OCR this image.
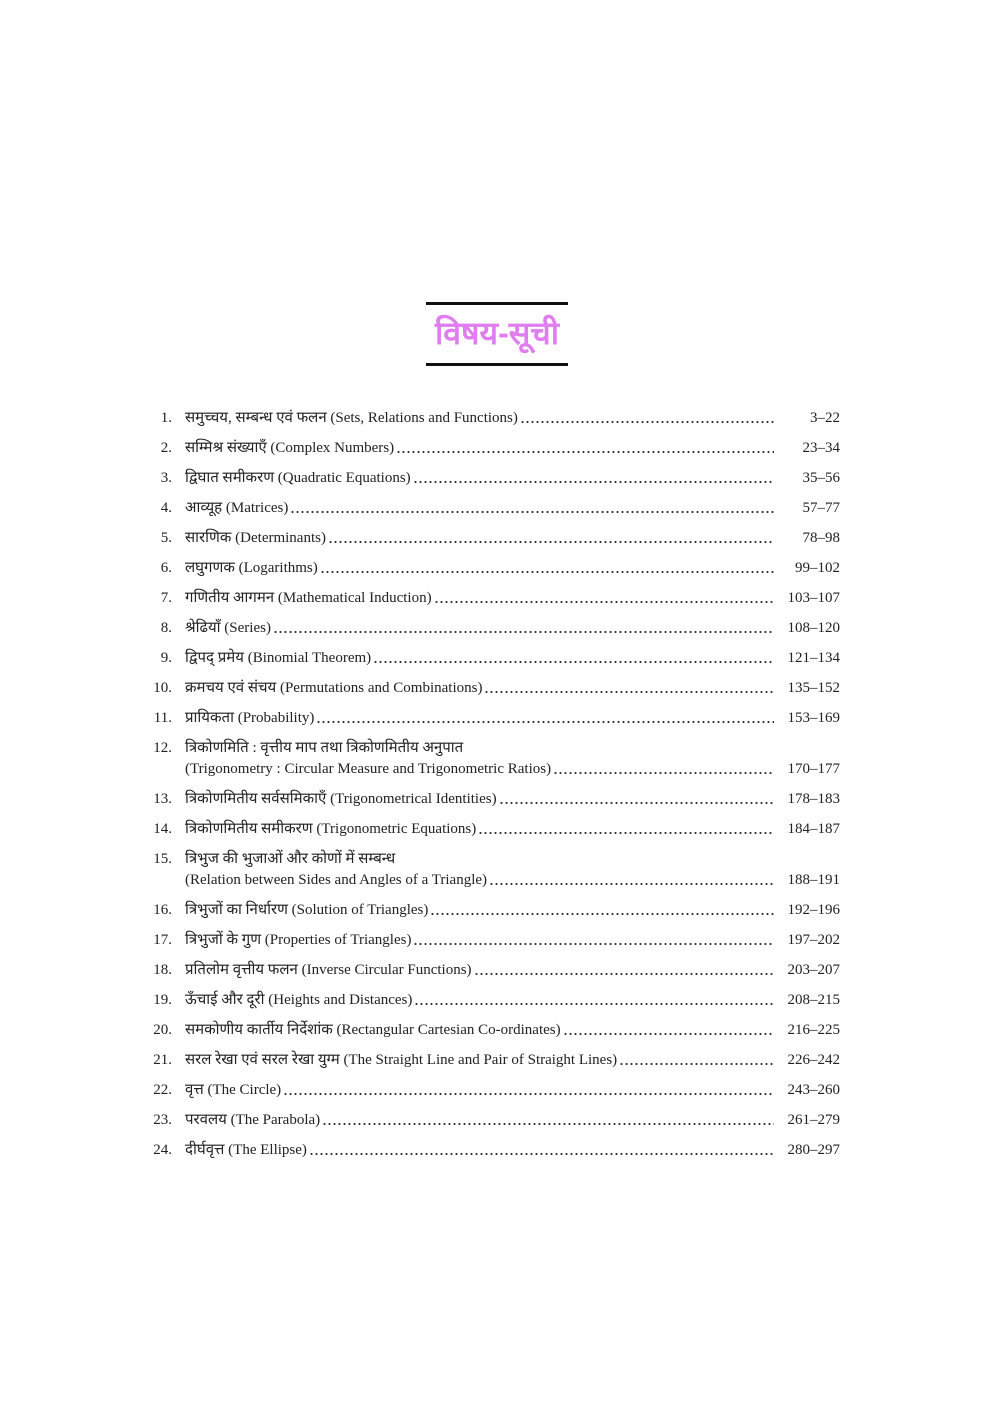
विषय-सूची
1. समुच्चय, सम्बन्ध एवं फलन (Sets, Relations and Functions)	3–22
2. सम्मिश्र संख्याएँ (Complex Numbers)	23–34
3. द्विघात समीकरण (Quadratic Equations)	35–56
4. आव्यूह (Matrices)	57–77
5. सारणिक (Determinants)	78–98
6. लघुगणक (Logarithms)	99–102
7. गणितीय आगमन (Mathematical Induction)	103–107
8. श्रेढियाँ (Series)	108–120
9. द्विपद् प्रमेय (Binomial Theorem)	121–134
10. क्रमचय एवं संचय (Permutations and Combinations)	135–152
11. प्रायिकता (Probability)	153–169
12. त्रिकोणमिति : वृत्तीय माप तथा त्रिकोणमितीय अनुपात
(Trigonometry : Circular Measure and Trigonometric Ratios)	170–177
13. त्रिकोणमितीय सर्वसमिकाएँ (Trigonometrical Identities)	178–183
14. त्रिकोणमितीय समीकरण (Trigonometric Equations)	184–187
15. त्रिभुज की भुजाओं और कोणों में सम्बन्ध
(Relation between Sides and Angles of a Triangle)	188–191
16. त्रिभुजों का निर्धारण (Solution of Triangles)	192–196
17. त्रिभुजों के गुण (Properties of Triangles)	197–202
18. प्रतिलोम वृत्तीय फलन (Inverse Circular Functions)	203–207
19. ऊँचाई और दूरी (Heights and Distances)	208–215
20. समकोणीय कार्तीय निर्देशांक (Rectangular Cartesian Co-ordinates)	216–225
21. सरल रेखा एवं सरल रेखा युग्म (The Straight Line and Pair of Straight Lines)	226–242
22. वृत्त (The Circle)	243–260
23. परवलय (The Parabola)	261–279
24. दीर्घवृत्त (The Ellipse)	280–297
